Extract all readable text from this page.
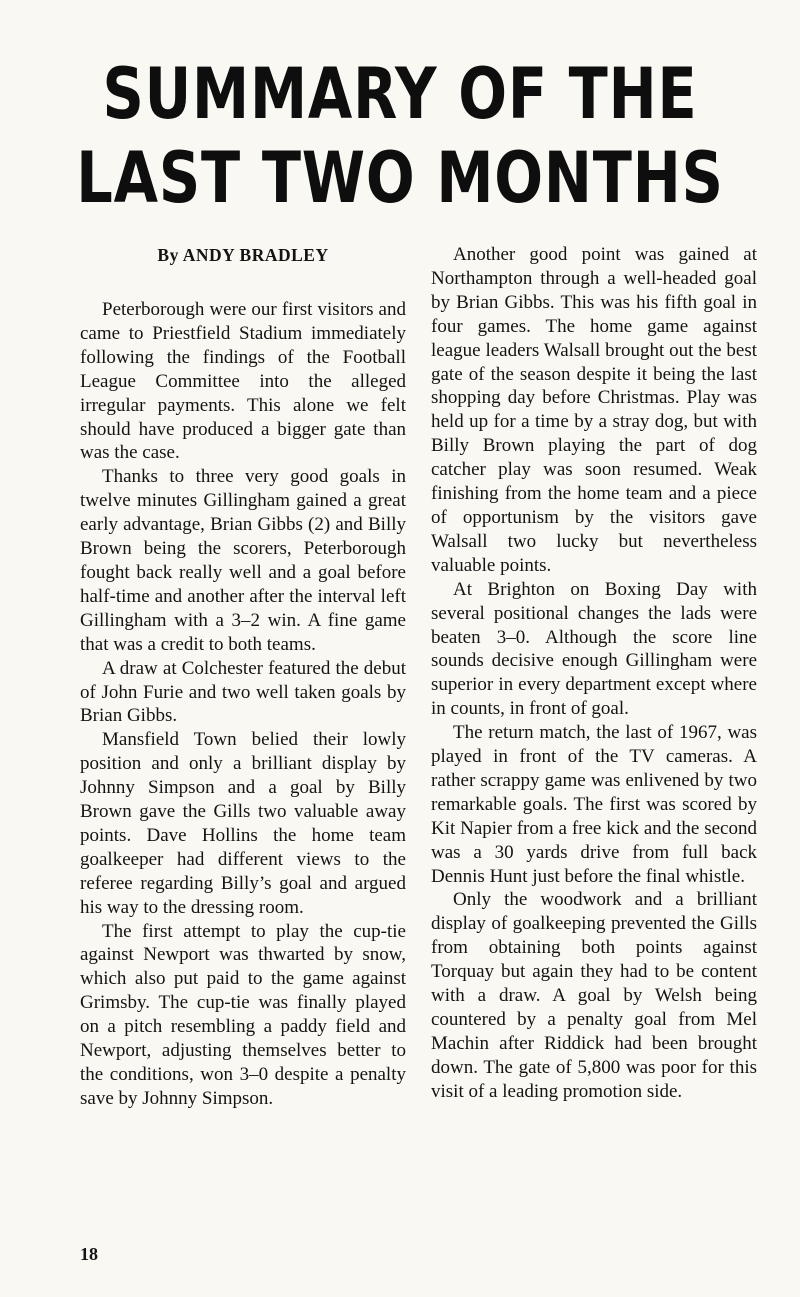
SUMMARY OF THE
LAST TWO MONTHS
By ANDY BRADLEY

Peterborough were our first visitors and came to Priestfield Stadium immediately following the findings of the Football League Committee into the alleged irregular payments. This alone we felt should have produced a bigger gate than was the case.

Thanks to three very good goals in twelve minutes Gillingham gained a great early advantage, Brian Gibbs (2) and Billy Brown being the scorers, Peterborough fought back really well and a goal before half-time and another after the interval left Gillingham with a 3–2 win. A fine game that was a credit to both teams.

A draw at Colchester featured the debut of John Furie and two well taken goals by Brian Gibbs.

Mansfield Town belied their lowly position and only a brilliant display by Johnny Simpson and a goal by Billy Brown gave the Gills two valuable away points. Dave Hollins the home team goalkeeper had different views to the referee regarding Billy’s goal and argued his way to the dressing room.

The first attempt to play the cup-tie against Newport was thwarted by snow, which also put paid to the game against Grimsby. The cup-tie was finally played on a pitch resembling a paddy field and Newport, adjusting themselves better to the conditions, won 3–0 despite a penalty save by Johnny Simpson.

Another good point was gained at Northampton through a well-headed goal by Brian Gibbs. This was his fifth goal in four games. The home game against league leaders Walsall brought out the best gate of the season despite it being the last shopping day before Christmas. Play was held up for a time by a stray dog, but with Billy Brown playing the part of dog catcher play was soon resumed. Weak finishing from the home team and a piece of opportunism by the visitors gave Walsall two lucky but nevertheless valuable points.

At Brighton on Boxing Day with several positional changes the lads were beaten 3–0. Although the score line sounds decisive enough Gillingham were superior in every department except where in counts, in front of goal.

The return match, the last of 1967, was played in front of the TV cameras. A rather scrappy game was enlivened by two remarkable goals. The first was scored by Kit Napier from a free kick and the second was a 30 yards drive from full back Dennis Hunt just before the final whistle.

Only the woodwork and a brilliant display of goalkeeping prevented the Gills from obtaining both points against Torquay but again they had to be content with a draw. A goal by Welsh being countered by a penalty goal from Mel Machin after Riddick had been brought down. The gate of 5,800 was poor for this visit of a leading promotion side.

18
